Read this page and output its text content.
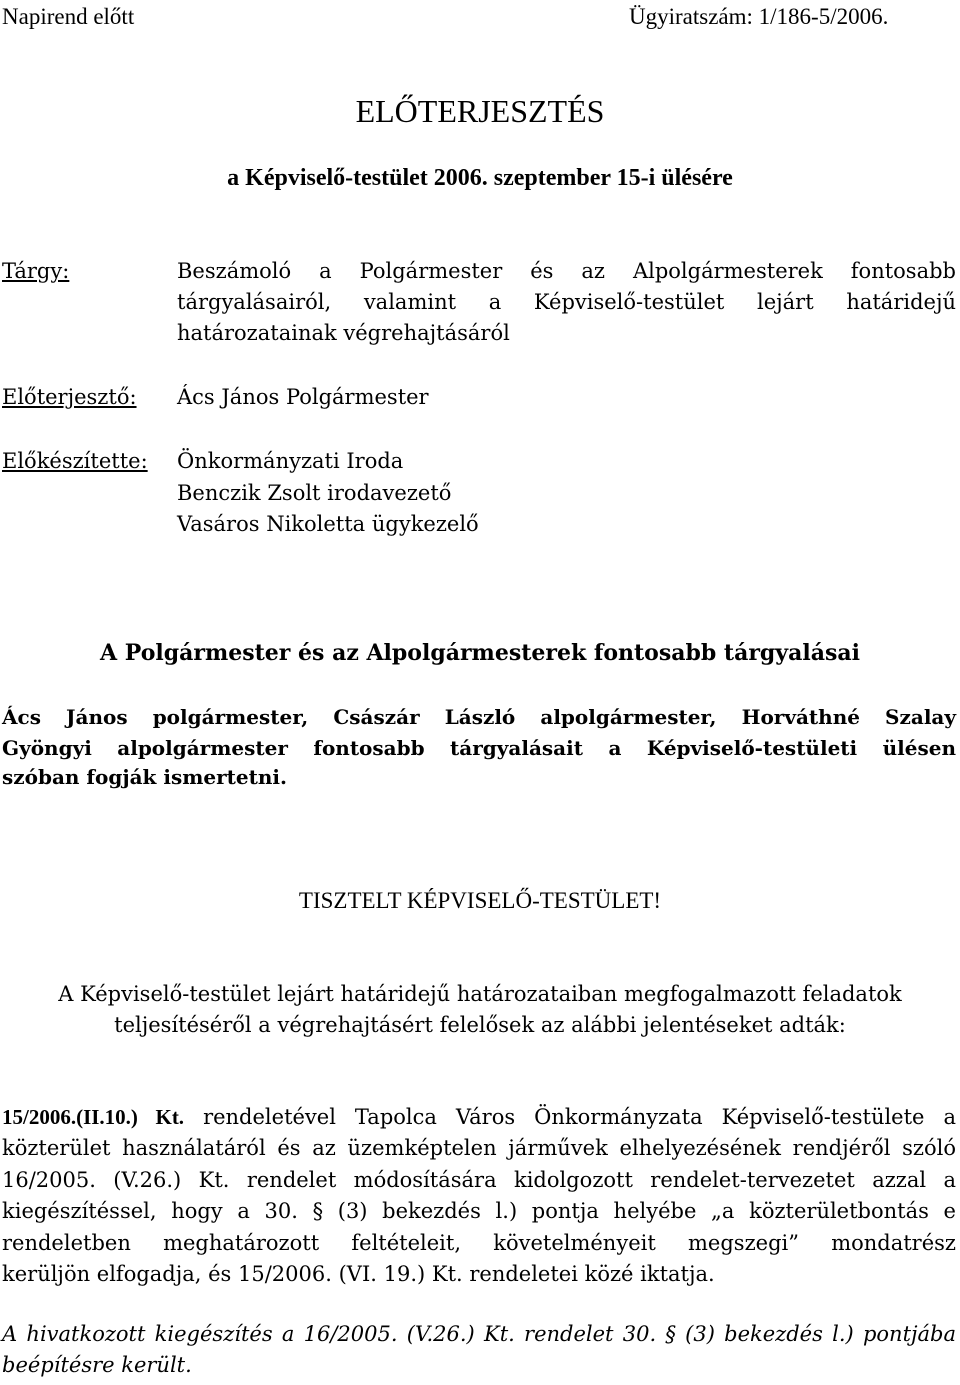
Napirend előtt	Ügyiratszám: 1/186-5/2006.
ELŐTERJESZTÉS
a Képviselő-testület 2006. szeptember 15-i ülésére
Tárgy:	Beszámoló a Polgármester és az Alpolgármesterek fontosabb
tárgyalásairól, valamint a Képviselő-testület lejárt határidejű
határozatainak végrehajtásáról
Előterjesztő: Ács János Polgármester
Előkészítette: Önkormányzati Iroda
Benczik Zsolt irodavezető
Vasáros Nikoletta ügykezelő
A Polgármester és az Alpolgármesterek fontosabb tárgyalásai
Ács János polgármester, Császár László alpolgármester, Horváthné Szalay
Gyöngyi alpolgármester fontosabb tárgyalásait a Képviselő-testületi ülésen
szóban fogják ismertetni.
TISZTELT KÉPVISELŐ-TESTÜLET!
A Képviselő-testület lejárt határidejű határozataiban megfogalmazott feladatok
teljesítéséről a végrehajtásért felelősek az alábbi jelentéseket adták:
15/2006.(II.10.) Kt. rendeletével Tapolca Város Önkormányzata Képviselő-testülete a
közterület használatáról és az üzemképtelen járművek elhelyezésének rendjéről szóló
16/2005. (V.26.) Kt. rendelet módosítására kidolgozott rendelet-tervezetet azzal a
kiegészítéssel, hogy a 30. § (3) bekezdés l.) pontja helyébe „a közterületbontás e
rendeletben meghatározott feltételeit, követelményeit megszegi” mondatrész
kerüljön elfogadja, és 15/2006. (VI. 19.) Kt. rendeletei közé iktatja.
A hivatkozott kiegészítés a 16/2005. (V.26.) Kt. rendelet 30. § (3) bekezdés l.) pontjába
beépítésre került.
